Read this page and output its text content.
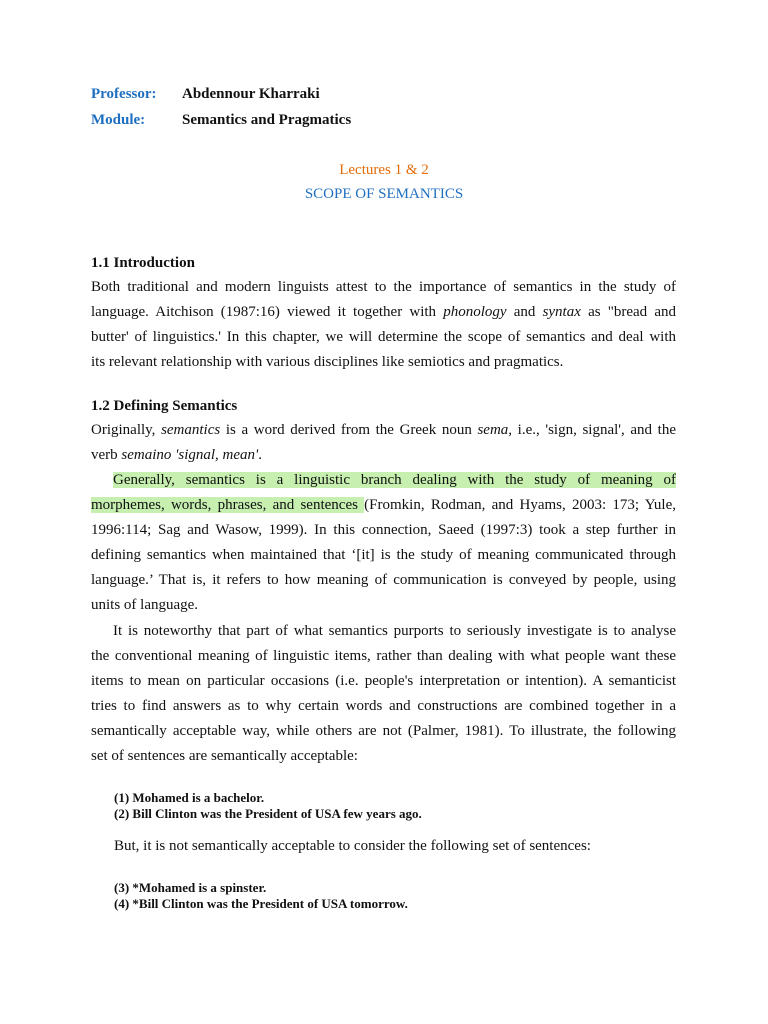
Professor: Abdennour Kharraki
Module: Semantics and Pragmatics
Lectures 1 & 2
SCOPE OF SEMANTICS
1.1 Introduction
Both traditional and modern linguists attest to the importance of semantics in the study of
language. Aitchison (1987:16) viewed it together with phonology and syntax as "bread and
butter' of linguistics.' In this chapter, we will determine the scope of semantics and deal with
its relevant relationship with various disciplines like semiotics and pragmatics.
1.2 Defining Semantics
Originally, semantics is a word derived from the Greek noun sema, i.e., 'sign, signal', and the
verb semaino 'signal, mean'.
Generally, semantics is a linguistic branch dealing with the study of meaning of
morphemes, words, phrases, and sentences (Fromkin, Rodman, and Hyams, 2003: 173; Yule,
1996:114; Sag and Wasow, 1999). In this connection, Saeed (1997:3) took a step further in
defining semantics when maintained that ‘[it] is the study of meaning communicated through
language.’ That is, it refers to how meaning of communication is conveyed by people, using
units of language.
It is noteworthy that part of what semantics purports to seriously investigate is to analyse
the conventional meaning of linguistic items, rather than dealing with what people want these
items to mean on particular occasions (i.e. people's interpretation or intention). A semanticist
tries to find answers as to why certain words and constructions are combined together in a
semantically acceptable way, while others are not (Palmer, 1981). To illustrate, the following
set of sentences are semantically acceptable:
(1) Mohamed is a bachelor.
(2) Bill Clinton was the President of USA few years ago.
But, it is not semantically acceptable to consider the following set of sentences:
(3) *Mohamed is a spinster.
(4) *Bill Clinton was the President of USA tomorrow.
